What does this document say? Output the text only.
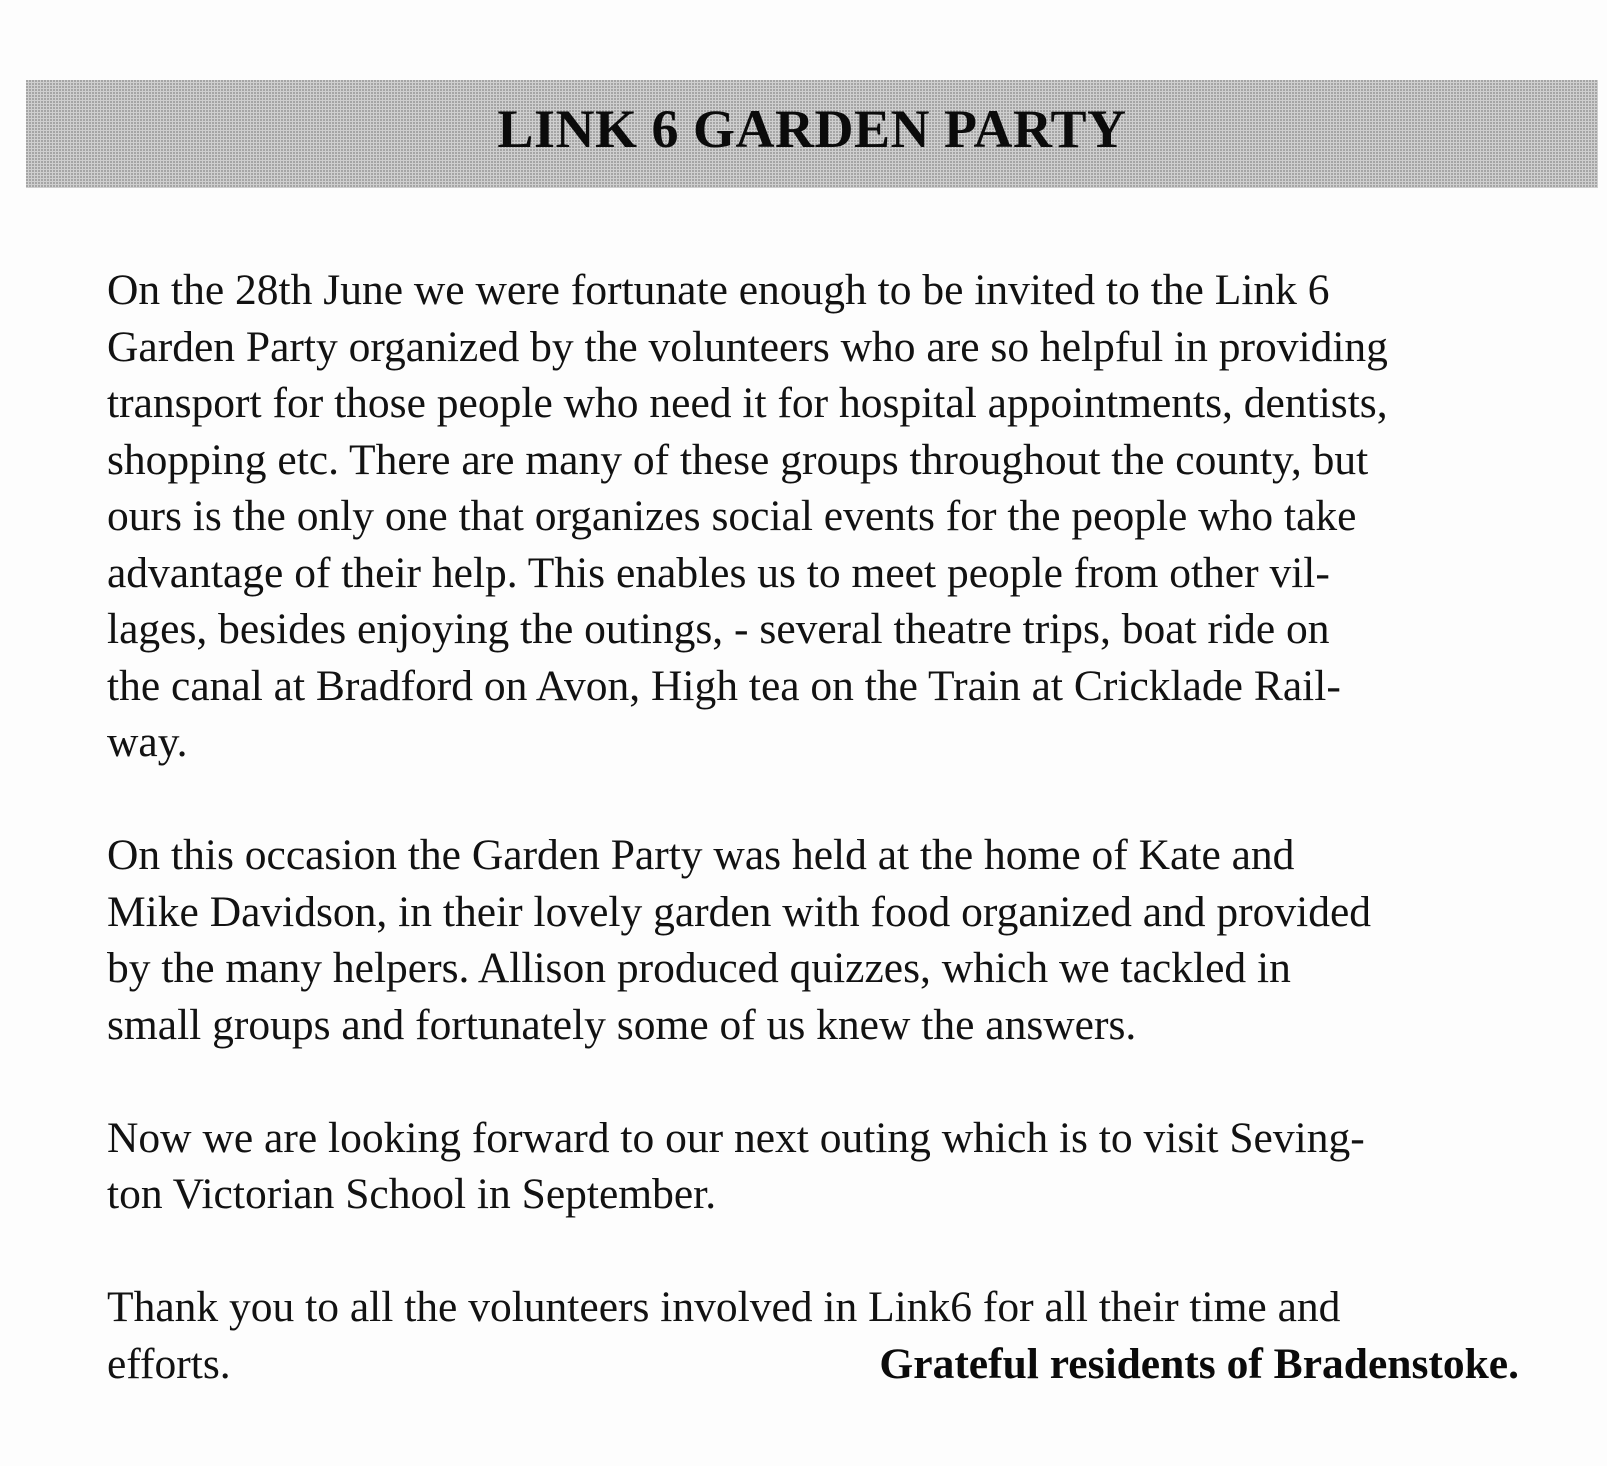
LINK 6 GARDEN PARTY

On the 28th June we were fortunate enough to be invited to the Link 6
Garden Party organized by the volunteers who are so helpful in providing
transport for those people who need it for hospital appointments, dentists,
shopping etc. There are many of these groups throughout the county, but
ours is the only one that organizes social events for the people who take
advantage of their help. This enables us to meet people from other vil-
lages, besides enjoying the outings, - several theatre trips, boat ride on
the canal at Bradford on Avon, High tea on the Train at Cricklade Rail-
way.

On this occasion the Garden Party was held at the home of Kate and
Mike Davidson, in their lovely garden with food organized and provided
by the many helpers. Allison produced quizzes, which we tackled in
small groups and fortunately some of us knew the answers.

Now we are looking forward to our next outing which is to visit Seving-
ton Victorian School in September.

Thank you to all the volunteers involved in Link6 for all their time and
efforts.	Grateful residents of Bradenstoke.
